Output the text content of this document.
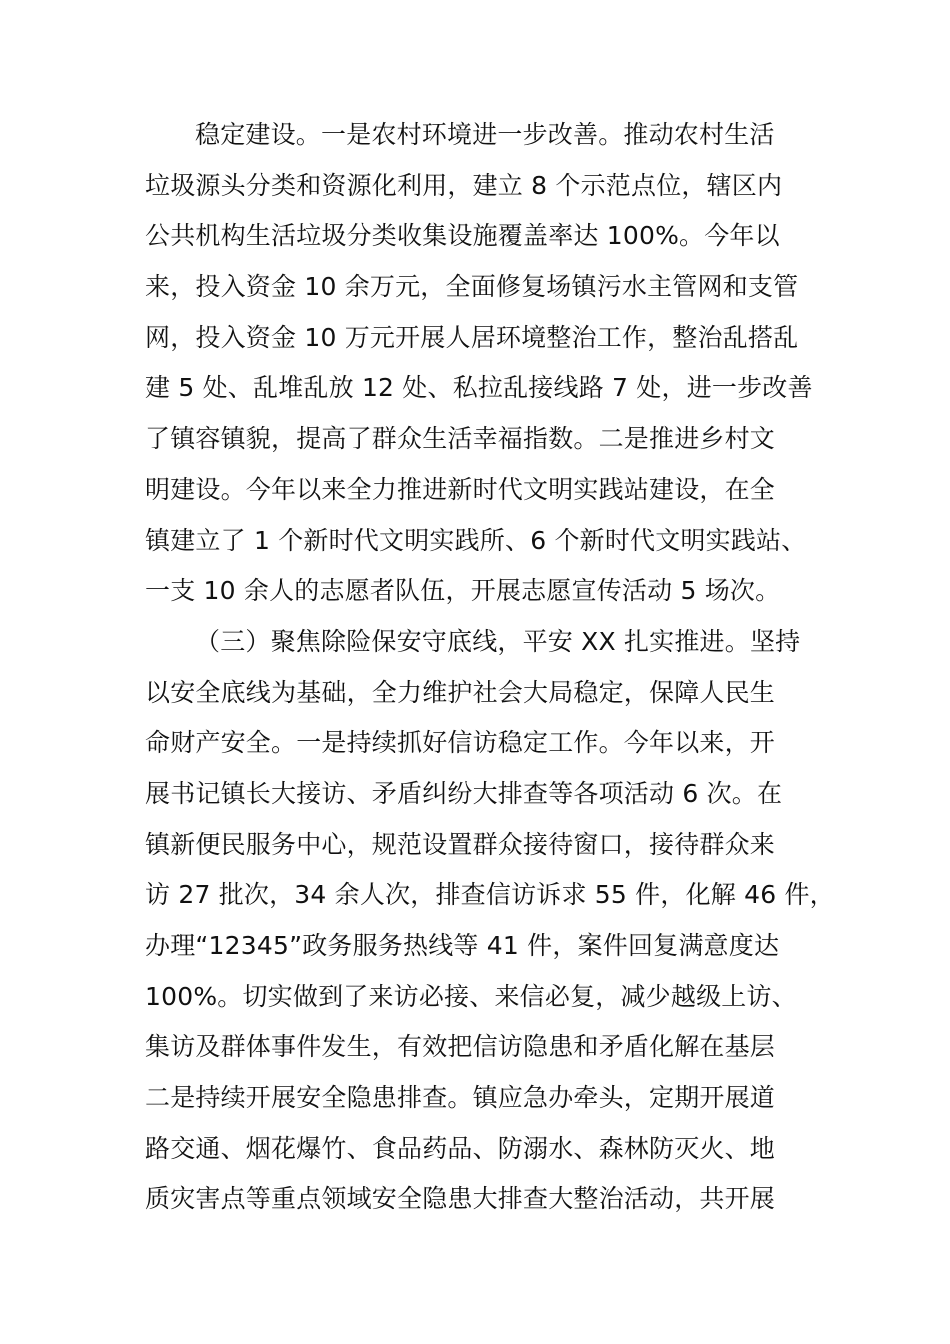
稳定建设。一是农村环境进一步改善。推动农村生活
垃圾源头分类和资源化利用，建立 8 个示范点位，辖区内
公共机构生活垃圾分类收集设施覆盖率达 100%。今年以
来，投入资金 10 余万元，全面修复场镇污水主管网和支管
网，投入资金 10 万元开展人居环境整治工作，整治乱搭乱
建 5 处、乱堆乱放 12 处、私拉乱接线路 7 处，进一步改善
了镇容镇貌，提高了群众生活幸福指数。二是推进乡村文
明建设。今年以来全力推进新时代文明实践站建设，在全
镇建立了 1 个新时代文明实践所、6 个新时代文明实践站、
一支 10 余人的志愿者队伍，开展志愿宣传活动 5 场次。
（三）聚焦除险保安守底线，平安 XX 扎实推进。坚持
以安全底线为基础，全力维护社会大局稳定，保障人民生
命财产安全。一是持续抓好信访稳定工作。今年以来，开
展书记镇长大接访、矛盾纠纷大排查等各项活动 6 次。在
镇新便民服务中心，规范设置群众接待窗口，接待群众来
访 27 批次，34 余人次，排查信访诉求 55 件，化解 46 件，
办理“12345”政务服务热线等 41 件，案件回复满意度达
100%。切实做到了来访必接、来信必复，减少越级上访、
集访及群体事件发生，有效把信访隐患和矛盾化解在基层
二是持续开展安全隐患排查。镇应急办牵头，定期开展道
路交通、烟花爆竹、食品药品、防溺水、森林防灭火、地
质灾害点等重点领域安全隐患大排查大整治活动，共开展
